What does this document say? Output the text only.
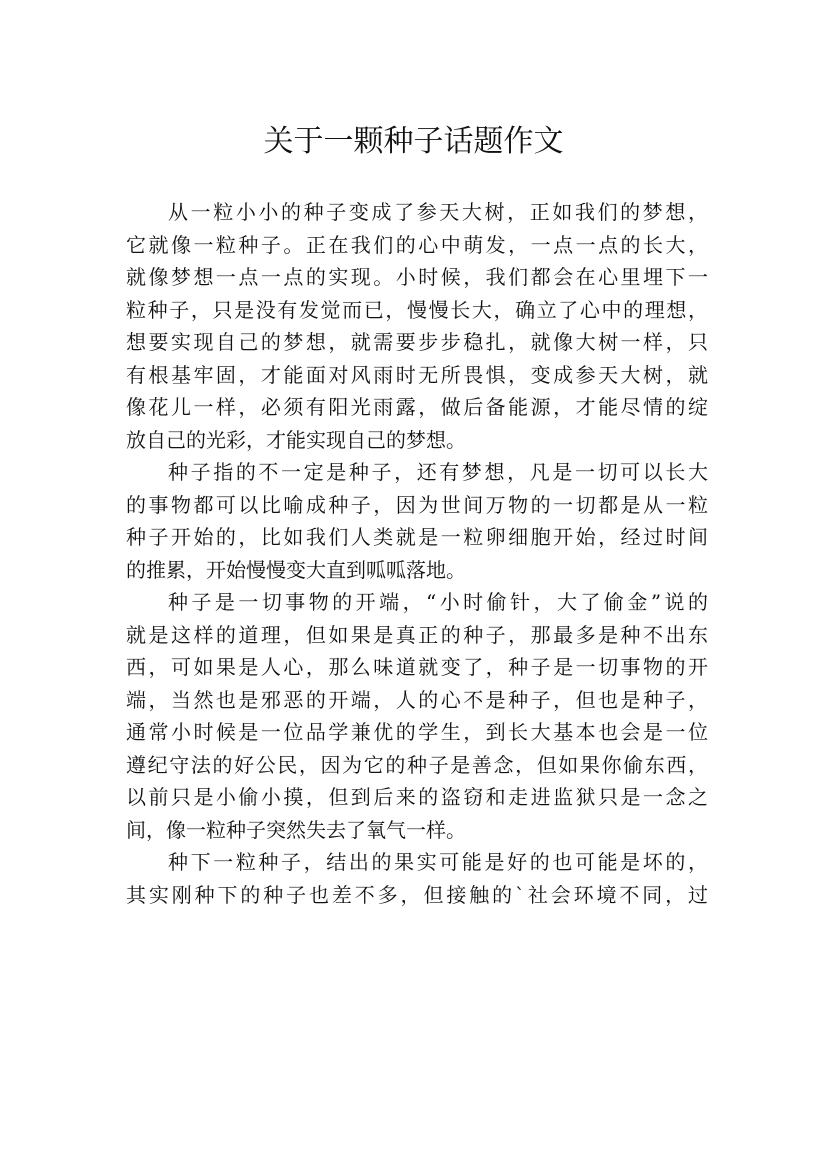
关于一颗种子话题作文

从一粒小小的种子变成了参天大树，正如我们的梦想，
它就像一粒种子。正在我们的心中萌发，一点一点的长大，
就像梦想一点一点的实现。小时候，我们都会在心里埋下一
粒种子，只是没有发觉而已，慢慢长大，确立了心中的理想，
想要实现自己的梦想，就需要步步稳扎，就像大树一样，只
有根基牢固，才能面对风雨时无所畏惧，变成参天大树，就
像花儿一样，必须有阳光雨露，做后备能源，才能尽情的绽
放自己的光彩，才能实现自己的梦想。

种子指的不一定是种子，还有梦想，凡是一切可以长大
的事物都可以比喻成种子，因为世间万物的一切都是从一粒
种子开始的，比如我们人类就是一粒卵细胞开始，经过时间
的推累，开始慢慢变大直到呱呱落地。

种子是一切事物的开端，“小时偷针，大了偷金”说的
就是这样的道理，但如果是真正的种子，那最多是种不出东
西，可如果是人心，那么味道就变了，种子是一切事物的开
端，当然也是邪恶的开端，人的心不是种子，但也是种子，
通常小时候是一位品学兼优的学生，到长大基本也会是一位
遵纪守法的好公民，因为它的种子是善念，但如果你偷东西，
以前只是小偷小摸，但到后来的盗窃和走进监狱只是一念之
间，像一粒种子突然失去了氧气一样。

种下一粒种子，结出的果实可能是好的也可能是坏的，
其实刚种下的种子也差不多，但接触的`社会环境不同，过
